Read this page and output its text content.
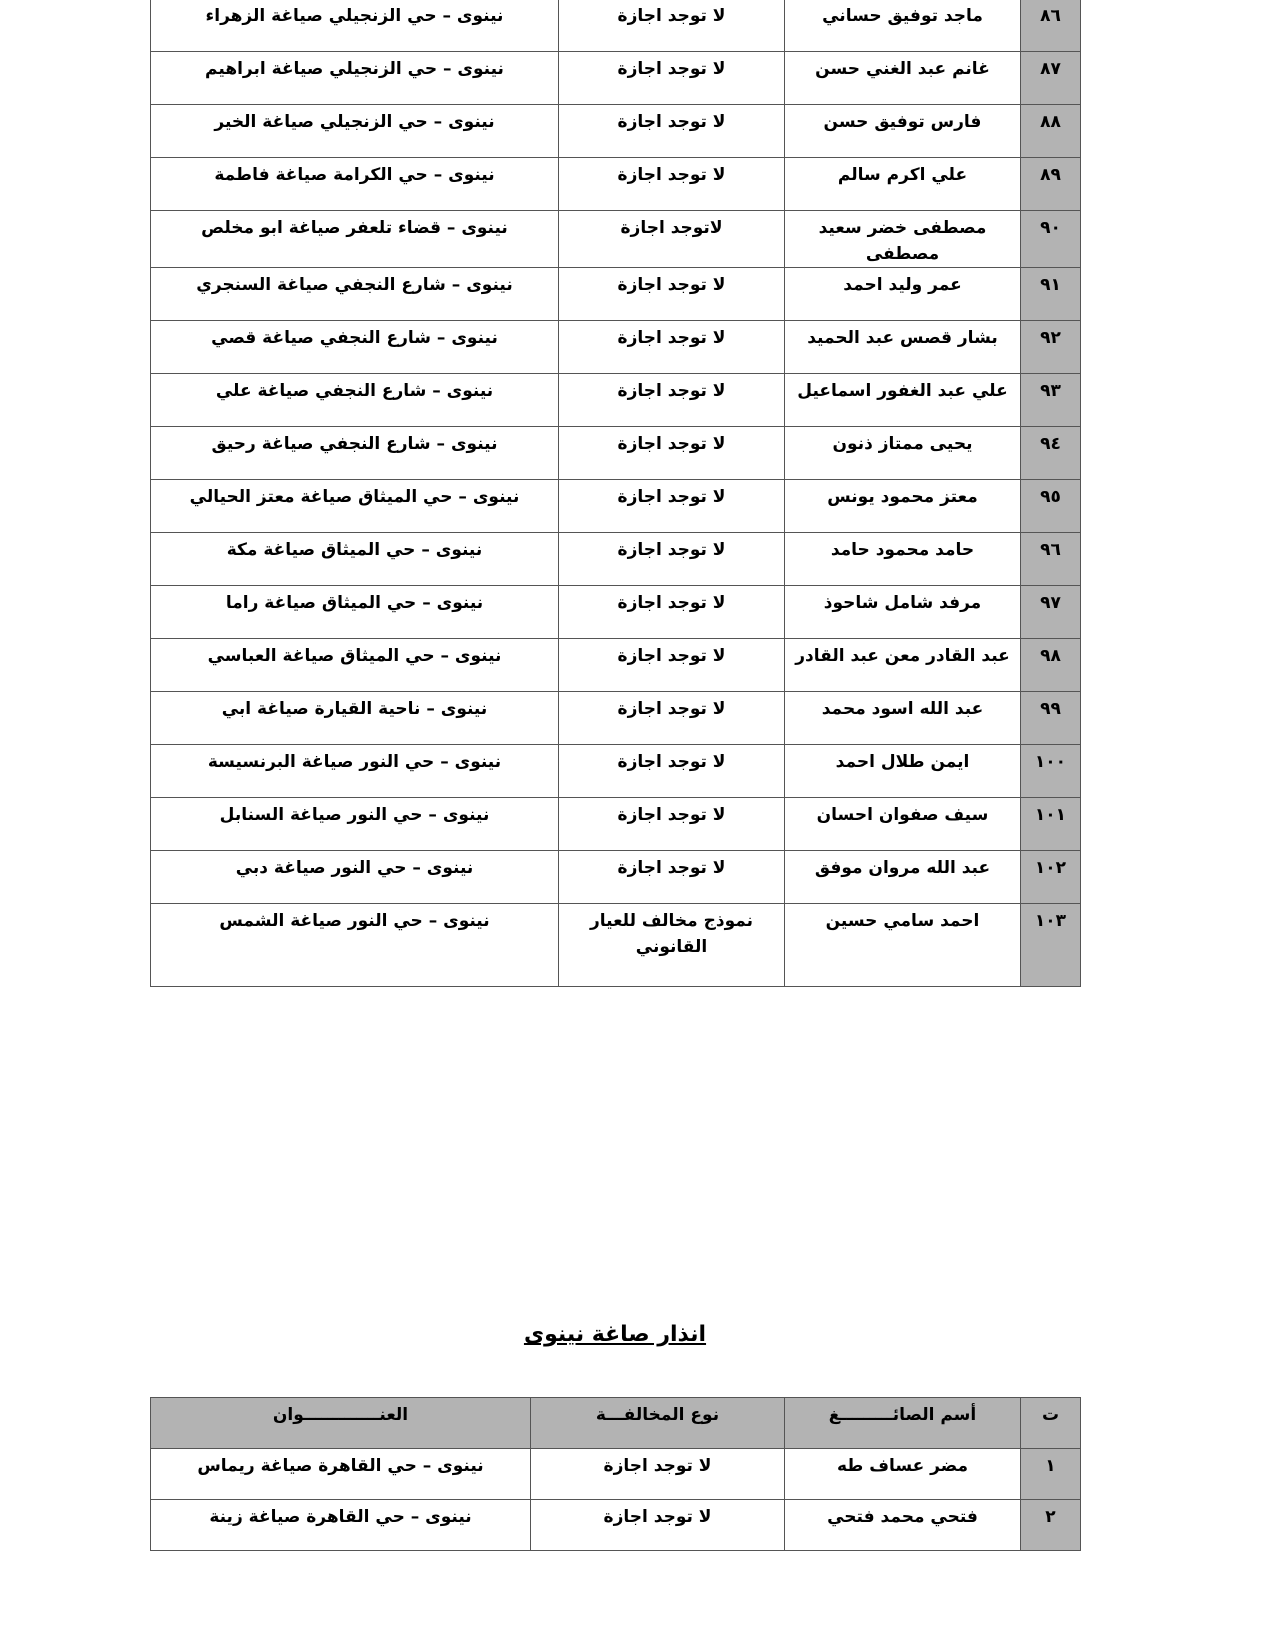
٨٦	ماجد توفيق حساني	لا توجد اجازة	نينوى – حي الزنجيلي صياغة الزهراء
٨٧	غانم عبد الغني حسن	لا توجد اجازة	نينوى – حي الزنجيلي صياغة ابراهيم
٨٨	فارس توفيق حسن	لا توجد اجازة	نينوى – حي الزنجيلي صياغة الخير
٨٩	علي اكرم سالم	لا توجد اجازة	نينوى – حي الكرامة صياغة فاطمة
٩٠	مصطفى خضر سعيد مصطفى	لاتوجد اجازة	نينوى – قضاء تلعفر صياغة ابو مخلص
٩١	عمر وليد احمد	لا توجد اجازة	نينوى – شارع النجفي صياغة السنجري
٩٢	بشار قصس عبد الحميد	لا توجد اجازة	نينوى – شارع النجفي صياغة قصي
٩٣	علي عبد الغفور اسماعيل	لا توجد اجازة	نينوى – شارع النجفي صياغة علي
٩٤	يحيى ممتاز ذنون	لا توجد اجازة	نينوى – شارع النجفي صياغة رحيق
٩٥	معتز محمود يونس	لا توجد اجازة	نينوى – حي الميثاق صياغة معتز الحيالي
٩٦	حامد محمود حامد	لا توجد اجازة	نينوى – حي الميثاق صياغة مكة
٩٧	مرفد شامل شاحوذ	لا توجد اجازة	نينوى – حي الميثاق صياغة راما
٩٨	عبد القادر معن عبد القادر	لا توجد اجازة	نينوى – حي الميثاق صياغة العباسي
٩٩	عبد الله اسود محمد	لا توجد اجازة	نينوى – ناحية القيارة صياغة ابي
١٠٠	ايمن طلال احمد	لا توجد اجازة	نينوى – حي النور صياغة البرنسيسة
١٠١	سيف صفوان احسان	لا توجد اجازة	نينوى – حي النور صياغة السنابل
١٠٢	عبد الله مروان موفق	لا توجد اجازة	نينوى – حي النور صياغة دبي
١٠٣	احمد سامي حسين	نموذج مخالف للعيار القانوني	نينوى – حي النور صياغة الشمس
انذار صاغة نينوى
ت	أسم الصائـــــــــغ	نوع المخالفـــة	العنـــــــــــــوان
١	مضر عساف طه	لا توجد اجازة	نينوى – حي القاهرة صياغة ريماس
٢	فتحي محمد فتحي	لا توجد اجازة	نينوى – حي القاهرة صياغة زينة
